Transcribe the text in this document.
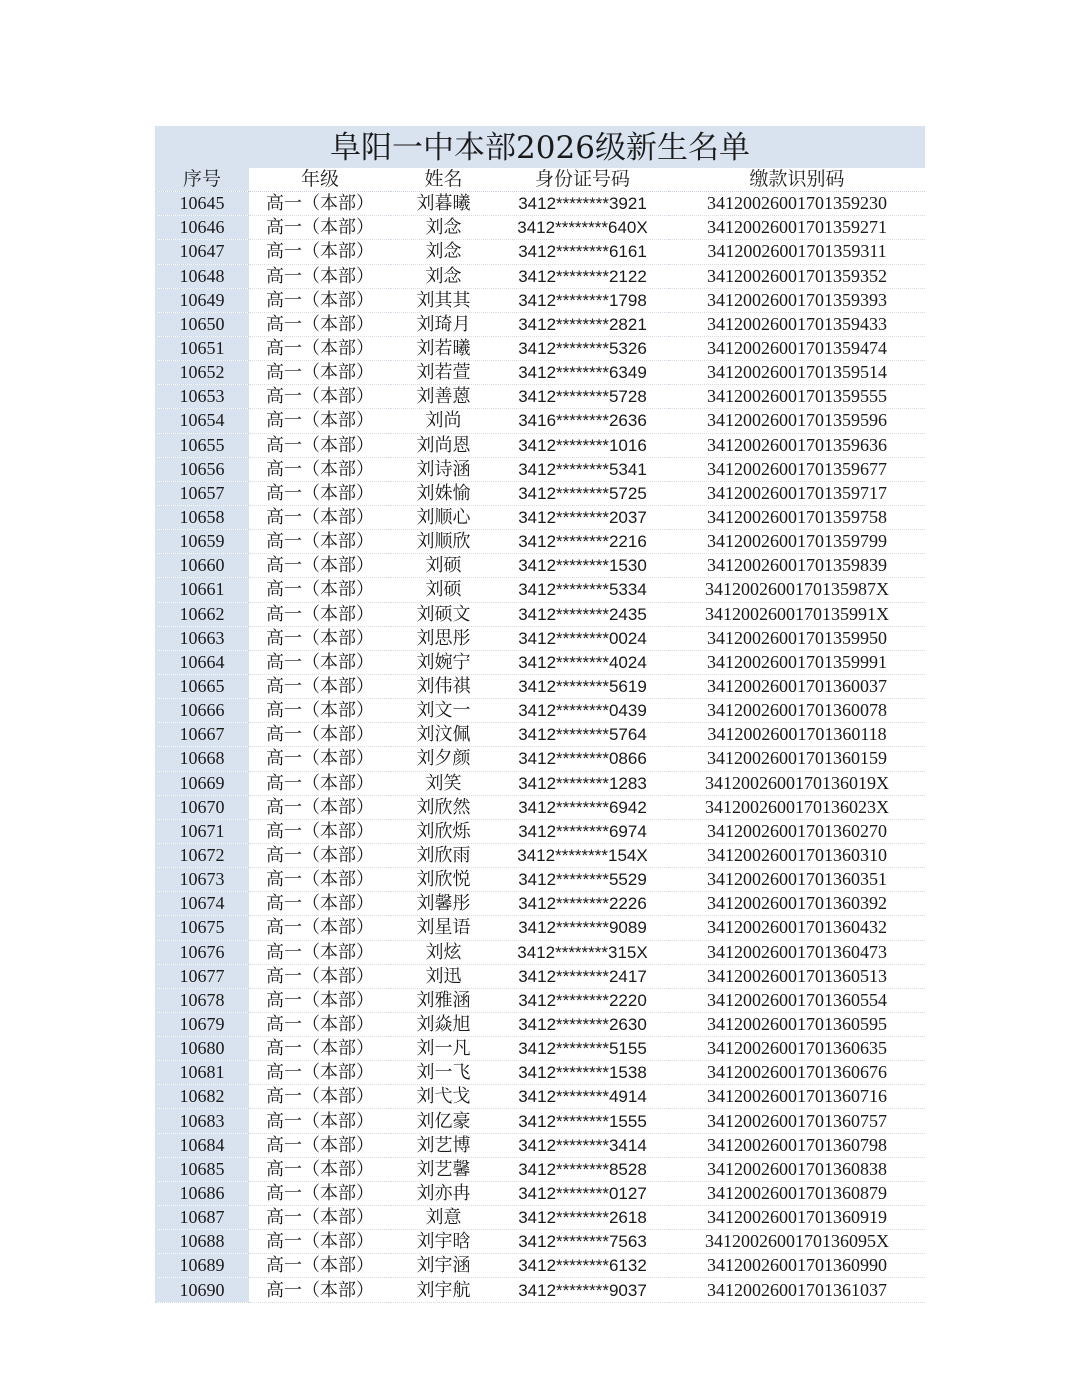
阜阳一中本部2026级新生名单
序号	年级	姓名	身份证号码	缴款识别码
10645	高一（本部）	刘暮曦	3412********3921	34120026001701359230
10646	高一（本部）	刘念	3412********640X	34120026001701359271
10647	高一（本部）	刘念	3412********6161	34120026001701359311
10648	高一（本部）	刘念	3412********2122	34120026001701359352
10649	高一（本部）	刘其其	3412********1798	34120026001701359393
10650	高一（本部）	刘琦月	3412********2821	34120026001701359433
10651	高一（本部）	刘若曦	3412********5326	34120026001701359474
10652	高一（本部）	刘若萱	3412********6349	34120026001701359514
10653	高一（本部）	刘善蒽	3412********5728	34120026001701359555
10654	高一（本部）	刘尚	3416********2636	34120026001701359596
10655	高一（本部）	刘尚恩	3412********1016	34120026001701359636
10656	高一（本部）	刘诗涵	3412********5341	34120026001701359677
10657	高一（本部）	刘姝愉	3412********5725	34120026001701359717
10658	高一（本部）	刘顺心	3412********2037	34120026001701359758
10659	高一（本部）	刘顺欣	3412********2216	34120026001701359799
10660	高一（本部）	刘硕	3412********1530	34120026001701359839
10661	高一（本部）	刘硕	3412********5334	3412002600170135987X
10662	高一（本部）	刘硕文	3412********2435	3412002600170135991X
10663	高一（本部）	刘思彤	3412********0024	34120026001701359950
10664	高一（本部）	刘婉宁	3412********4024	34120026001701359991
10665	高一（本部）	刘伟祺	3412********5619	34120026001701360037
10666	高一（本部）	刘文一	3412********0439	34120026001701360078
10667	高一（本部）	刘汶佩	3412********5764	34120026001701360118
10668	高一（本部）	刘夕颜	3412********0866	34120026001701360159
10669	高一（本部）	刘笑	3412********1283	3412002600170136019X
10670	高一（本部）	刘欣然	3412********6942	3412002600170136023X
10671	高一（本部）	刘欣烁	3412********6974	34120026001701360270
10672	高一（本部）	刘欣雨	3412********154X	34120026001701360310
10673	高一（本部）	刘欣悦	3412********5529	34120026001701360351
10674	高一（本部）	刘馨彤	3412********2226	34120026001701360392
10675	高一（本部）	刘星语	3412********9089	34120026001701360432
10676	高一（本部）	刘炫	3412********315X	34120026001701360473
10677	高一（本部）	刘迅	3412********2417	34120026001701360513
10678	高一（本部）	刘雅涵	3412********2220	34120026001701360554
10679	高一（本部）	刘焱旭	3412********2630	34120026001701360595
10680	高一（本部）	刘一凡	3412********5155	34120026001701360635
10681	高一（本部）	刘一飞	3412********1538	34120026001701360676
10682	高一（本部）	刘弋戈	3412********4914	34120026001701360716
10683	高一（本部）	刘亿豪	3412********1555	34120026001701360757
10684	高一（本部）	刘艺博	3412********3414	34120026001701360798
10685	高一（本部）	刘艺馨	3412********8528	34120026001701360838
10686	高一（本部）	刘亦冉	3412********0127	34120026001701360879
10687	高一（本部）	刘意	3412********2618	34120026001701360919
10688	高一（本部）	刘宇晗	3412********7563	3412002600170136095X
10689	高一（本部）	刘宇涵	3412********6132	34120026001701360990
10690	高一（本部）	刘宇航	3412********9037	34120026001701361037
